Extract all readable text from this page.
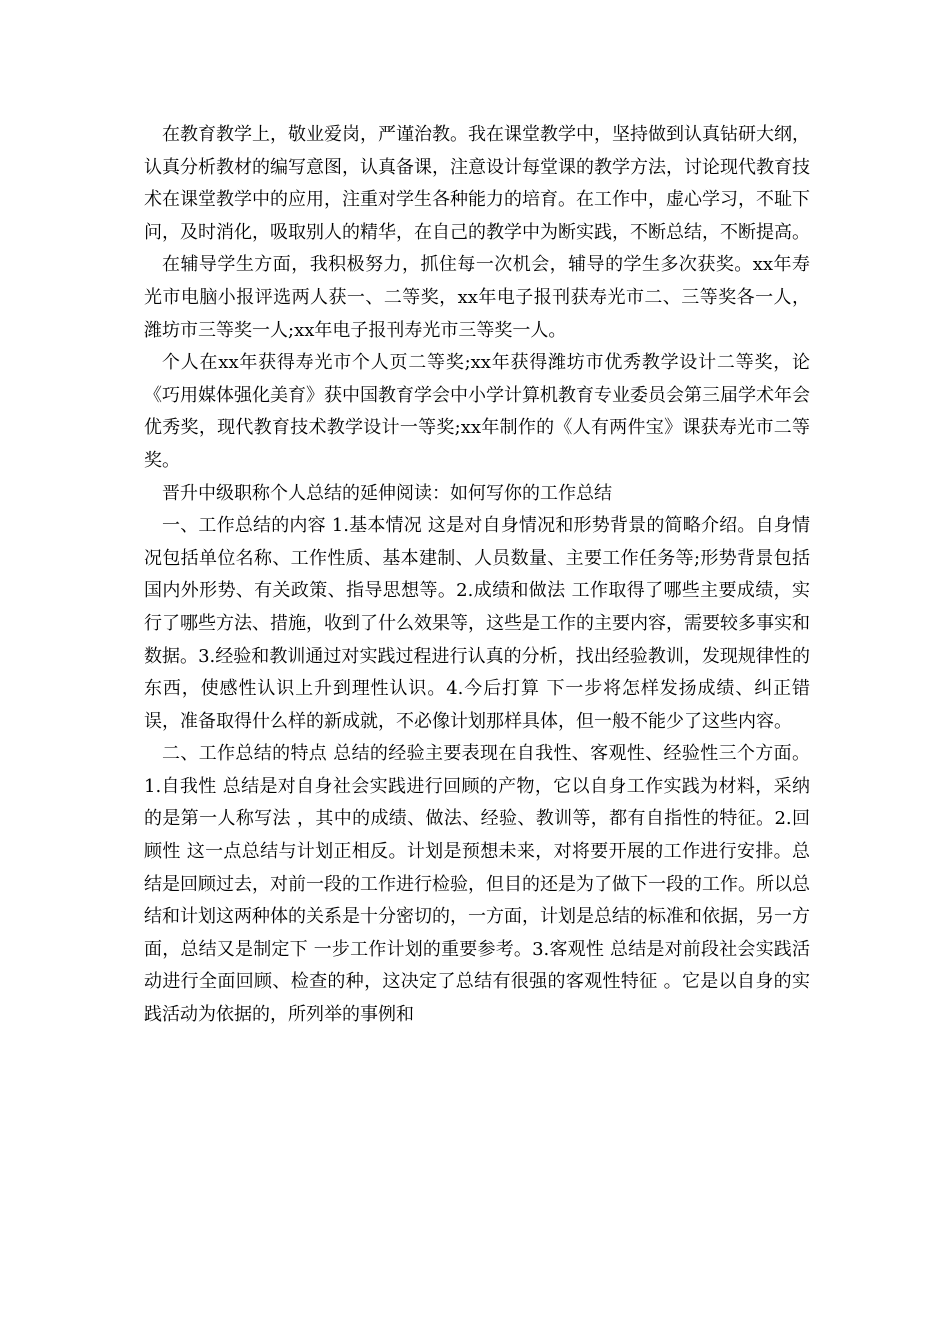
在教育教学上，敬业爱岗，严谨治教。我在课堂教学中，坚持做到认真钻研大纲，认真分析教材的编写意图，认真备课，注意设计每堂课的教学方法，讨论现代教育技术在课堂教学中的应用，注重对学生各种能力的培育。在工作中，虚心学习，不耻下问，及时消化，吸取别人的精华，在自己的教学中为断实践，不断总结，不断提高。

在辅导学生方面，我积极努力，抓住每一次机会，辅导的学生多次获奖。xx年寿光市电脑小报评选两人获一、二等奖，xx年电子报刊获寿光市二、三等奖各一人，潍坊市三等奖一人;xx年电子报刊寿光市三等奖一人。

个人在xx年获得寿光市个人页二等奖;xx年获得潍坊市优秀教学设计二等奖，论《巧用媒体强化美育》获中国教育学会中小学计算机教育专业委员会第三届学术年会优秀奖，现代教育技术教学设计一等奖;xx年制作的《人有两件宝》课获寿光市二等奖。

晋升中级职称个人总结的延伸阅读：如何写你的工作总结

一、工作总结的内容 1.基本情况 这是对自身情况和形势背景的简略介绍。自身情况包括单位名称、工作性质、基本建制、人员数量、主要工作任务等;形势背景包括国内外形势、有关政策、指导思想等。2.成绩和做法 工作取得了哪些主要成绩，实行了哪些方法、措施，收到了什么效果等，这些是工作的主要内容，需要较多事实和数据。3.经验和教训通过对实践过程进行认真的分析，找出经验教训，发现规律性的东西，使感性认识上升到理性认识。4.今后打算 下一步将怎样发扬成绩、纠正错误，准备取得什么样的新成就，不必像计划那样具体，但一般不能少了这些内容。

二、工作总结的特点 总结的经验主要表现在自我性、客观性、经验性三个方面。 1.自我性 总结是对自身社会实践进行回顾的产物，它以自身工作实践为材料，采纳的是第一人称写法 ，其中的成绩、做法、经验、教训等，都有自指性的特征。2.回顾性 这一点总结与计划正相反。计划是预想未来，对将要开展的工作进行安排。总结是回顾过去，对前一段的工作进行检验，但目的还是为了做下一段的工作。所以总结和计划这两种体的关系是十分密切的，一方面，计划是总结的标准和依据，另一方面，总结又是制定下 一步工作计划的重要参考。3.客观性 总结是对前段社会实践活动进行全面回顾、检查的种，这决定了总结有很强的客观性特征 。它是以自身的实践活动为依据的，所列举的事例和
